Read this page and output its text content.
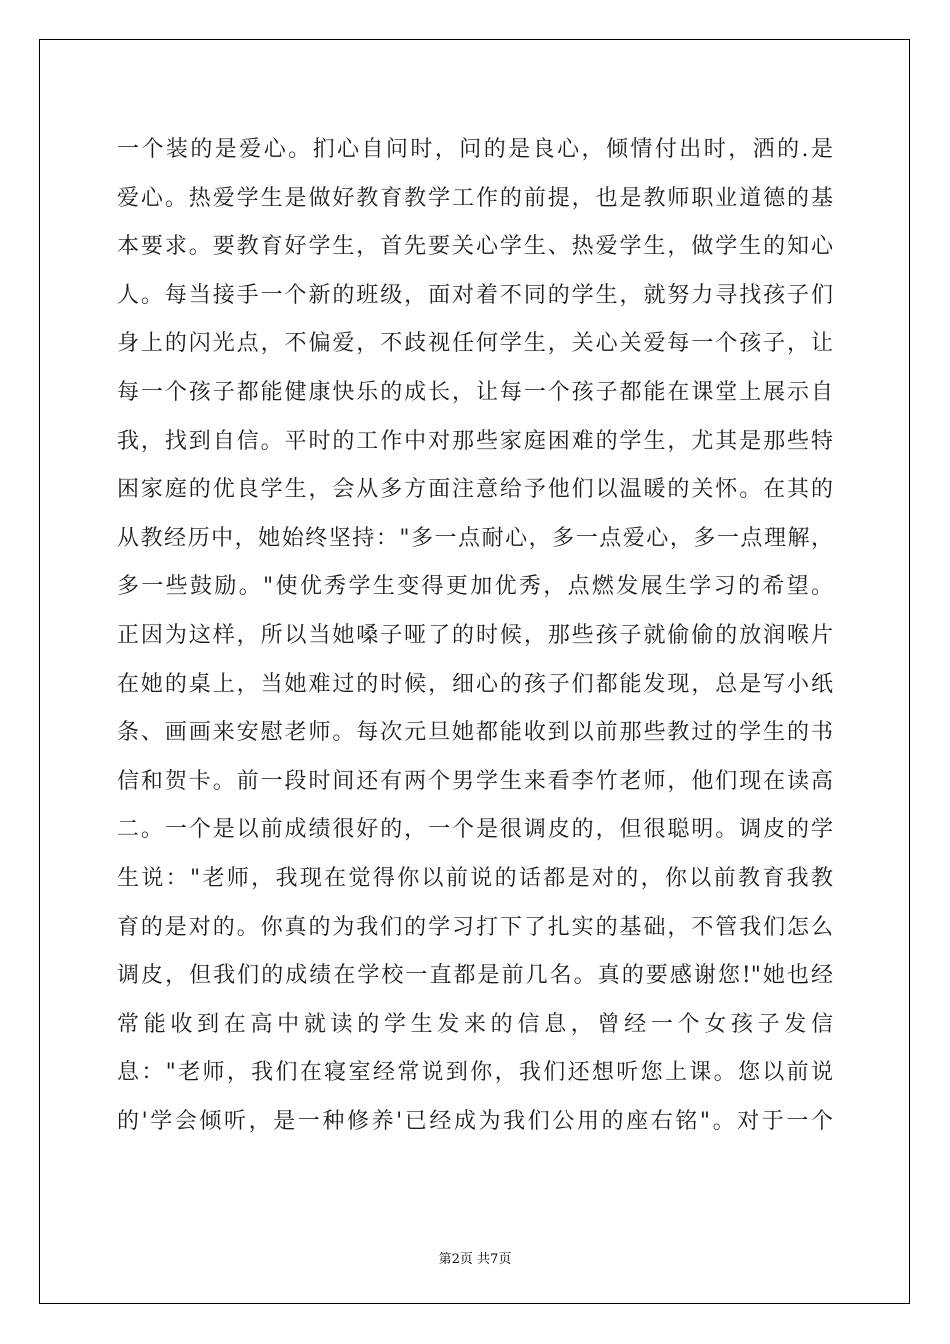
一个装的是爱心。扪心自问时，问的是良心，倾情付出时，洒的.是
爱心。热爱学生是做好教育教学工作的前提，也是教师职业道德的基
本要求。要教育好学生，首先要关心学生、热爱学生，做学生的知心
人。每当接手一个新的班级，面对着不同的学生，就努力寻找孩子们
身上的闪光点，不偏爱，不歧视任何学生，关心关爱每一个孩子，让
每一个孩子都能健康快乐的成长，让每一个孩子都能在课堂上展示自
我，找到自信。平时的工作中对那些家庭困难的学生，尤其是那些特
困家庭的优良学生，会从多方面注意给予他们以温暖的关怀。在其的
从教经历中，她始终坚持："多一点耐心，多一点爱心，多一点理解，
多一些鼓励。"使优秀学生变得更加优秀，点燃发展生学习的希望。
正因为这样，所以当她嗓子哑了的时候，那些孩子就偷偷的放润喉片
在她的桌上，当她难过的时候，细心的孩子们都能发现，总是写小纸
条、画画来安慰老师。每次元旦她都能收到以前那些教过的学生的书
信和贺卡。前一段时间还有两个男学生来看李竹老师，他们现在读高
二。一个是以前成绩很好的，一个是很调皮的，但很聪明。调皮的学
生说："老师，我现在觉得你以前说的话都是对的，你以前教育我教
育的是对的。你真的为我们的学习打下了扎实的基础，不管我们怎么
调皮，但我们的成绩在学校一直都是前几名。真的要感谢您!"她也经
常能收到在高中就读的学生发来的信息，曾经一个女孩子发信
息："老师，我们在寝室经常说到你，我们还想听您上课。您以前说
的'学会倾听，是一种修养'已经成为我们公用的座右铭"。对于一个
第2页 共7页
